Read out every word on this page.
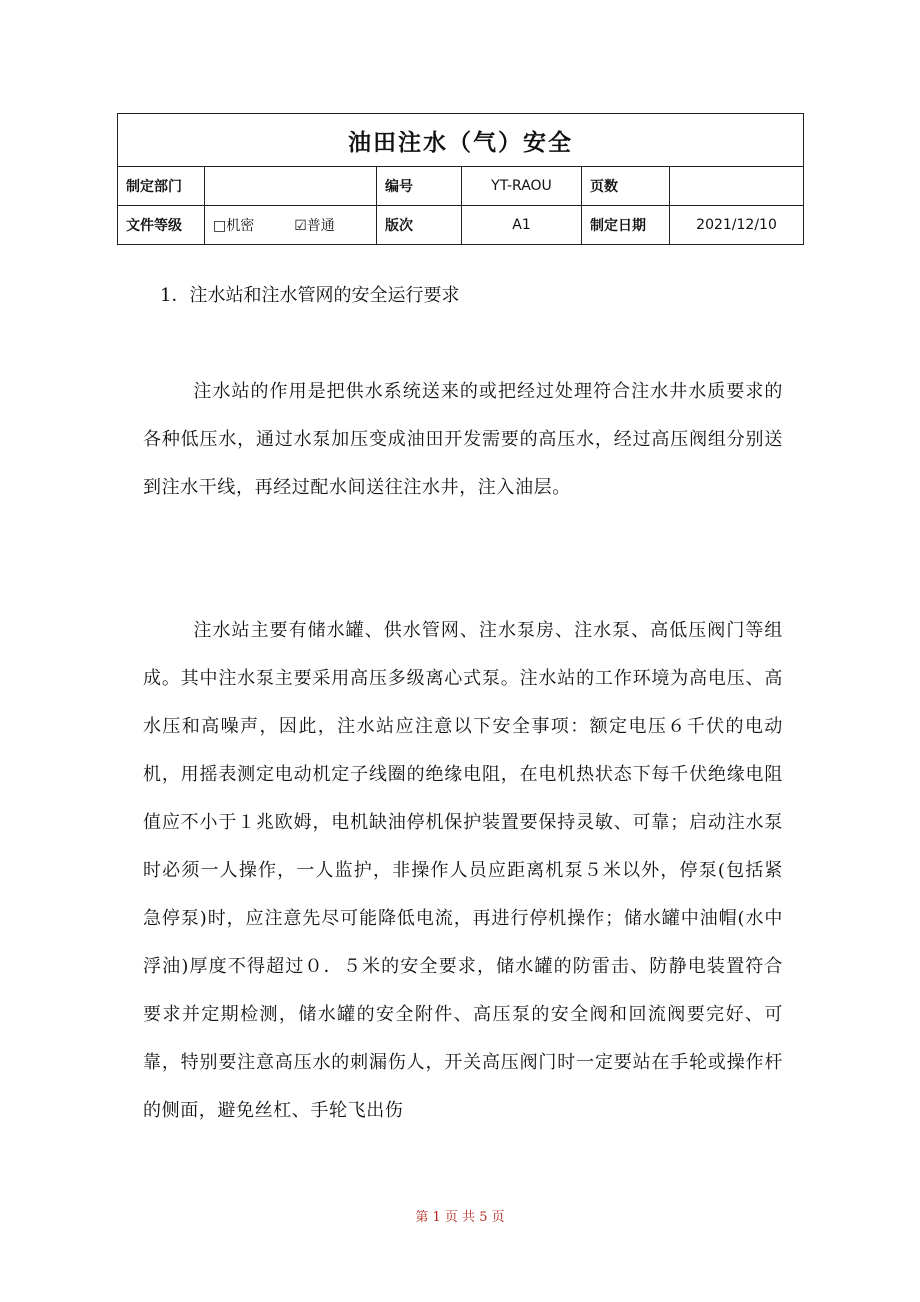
油田注水（气）安全					
制定部门		编号	YT-RAOU	页数	
文件等级	□机密 ☑普通	版次	A1	制定日期	2021/12/10
1．注水站和注水管网的安全运行要求

注水站的作用是把供水系统送来的或把经过处理符合注水井水质要求的各种低压水，通过水泵加压变成油田开发需要的高压水，经过高压阀组分别送到注水干线，再经过配水间送往注水井，注入油层。

注水站主要有储水罐、供水管网、注水泵房、注水泵、高低压阀门等组成。其中注水泵主要采用高压多级离心式泵。注水站的工作环境为高电压、高水压和高噪声，因此，注水站应注意以下安全事项：额定电压６千伏的电动机，用摇表测定电动机定子线圈的绝缘电阻，在电机热状态下每千伏绝缘电阻值应不小于１兆欧姆，电机缺油停机保护装置要保持灵敏、可靠；启动注水泵时必须一人操作，一人监护，非操作人员应距离机泵５米以外，停泵(包括紧急停泵)时，应注意先尽可能降低电流，再进行停机操作；储水罐中油帽(水中浮油)厚度不得超过０．５米的安全要求，储水罐的防雷击、防静电装置符合要求并定期检测，储水罐的安全附件、高压泵的安全阀和回流阀要完好、可靠，特别要注意高压水的刺漏伤人，开关高压阀门时一定要站在手轮或操作杆的侧面，避免丝杠、手轮飞出伤

第 1 页 共 5 页
